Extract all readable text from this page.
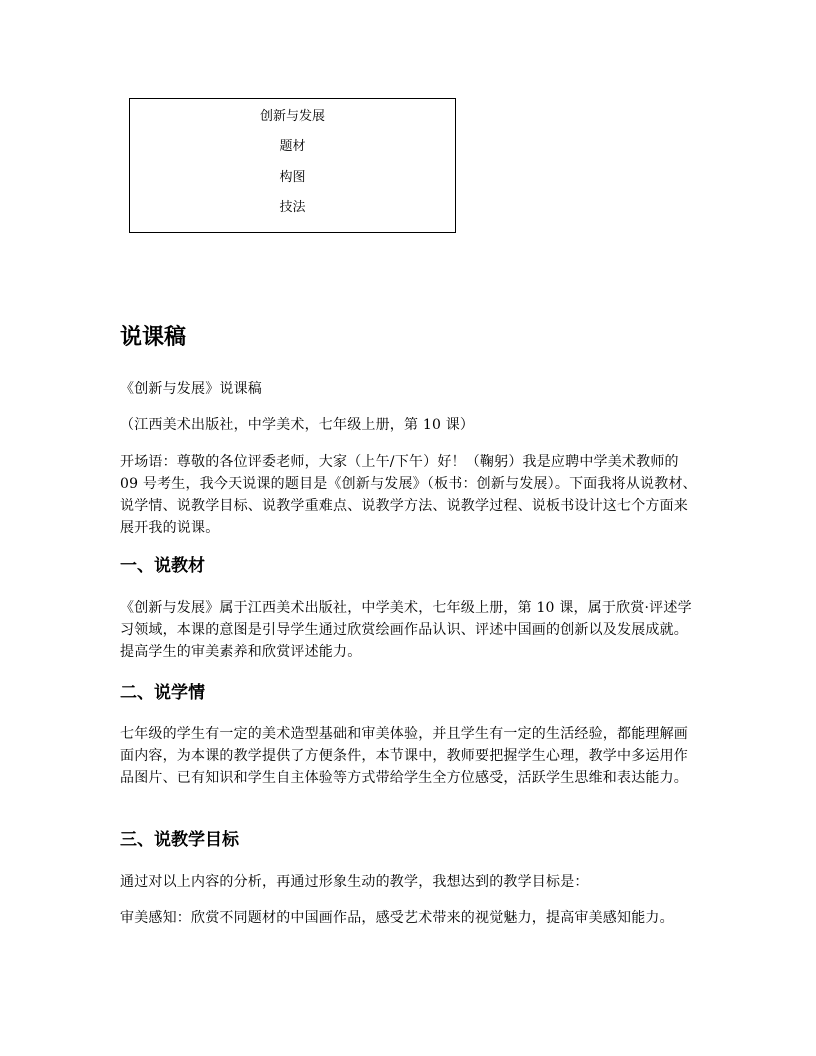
创新与发展
题材
构图
技法
说课稿

《创新与发展》说课稿

（江西美术出版社，中学美术，七年级上册，第 10 课）

开场语：尊敬的各位评委老师，大家（上午/下午）好！（鞠躬）我是应聘中学美术教师的 09 号考生，我今天说课的题目是《创新与发展》（板书：创新与发展）。下面我将从说教材、说学情、说教学目标、说教学重难点、说教学方法、说教学过程、说板书设计这七个方面来展开我的说课。

一、说教材

《创新与发展》属于江西美术出版社，中学美术，七年级上册，第 10 课，属于欣赏·评述学习领域，本课的意图是引导学生通过欣赏绘画作品认识、评述中国画的创新以及发展成就。提高学生的审美素养和欣赏评述能力。

二、说学情

七年级的学生有一定的美术造型基础和审美体验，并且学生有一定的生活经验，都能理解画面内容，为本课的教学提供了方便条件，本节课中，教师要把握学生心理，教学中多运用作品图片、已有知识和学生自主体验等方式带给学生全方位感受，活跃学生思维和表达能力。

三、说教学目标

通过对以上内容的分析，再通过形象生动的教学，我想达到的教学目标是：

审美感知：欣赏不同题材的中国画作品，感受艺术带来的视觉魅力，提高审美感知能力。
